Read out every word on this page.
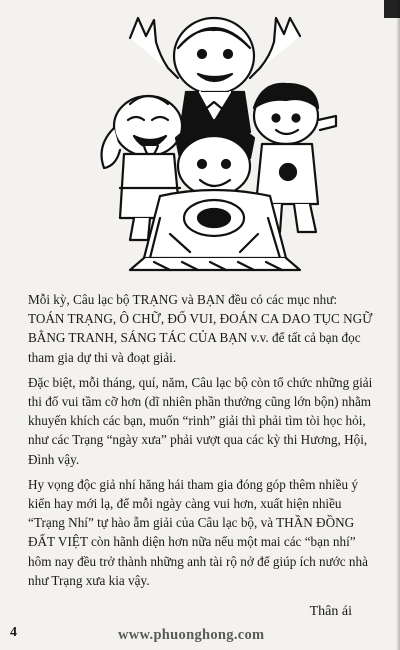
Mỗi kỳ, Câu lạc bộ TRẠNG và BẠN đều có các mục như: TOÁN TRẠNG, Ô CHỮ, ĐỐ VUI, ĐOÁN CA DAO TỤC NGỮ BẰNG TRANH, SÁNG TÁC CỦA BẠN v.v. để tất cả bạn đọc tham gia dự thi và đoạt giải.

Đặc biệt, mỗi tháng, quí, năm, Câu lạc bộ còn tổ chức những giải thi đố vui tầm cỡ hơn (dĩ nhiên phần thưởng cũng lớn bộn) nhằm khuyến khích các bạn, muốn “rinh” giải thì phải tìm tòi học hỏi, như các Trạng “ngày xưa” phải vượt qua các kỳ thi Hương, Hội, Đình vậy.

Hy vọng độc giả nhí hăng hái tham gia đóng góp thêm nhiều ý kiến hay mới lạ, để mỗi ngày càng vui hơn, xuất hiện nhiều “Trạng Nhí” tự hào ẵm giải của Câu lạc bộ, và THẦN ĐỒNG ĐẤT VIỆT còn hãnh diện hơn nữa nếu một mai các “bạn nhí” hôm nay đều trở thành những anh tài rộ nở để giúp ích nước nhà như Trạng xưa kia vậy.

Thân ái
4	www.phuonghong.com
